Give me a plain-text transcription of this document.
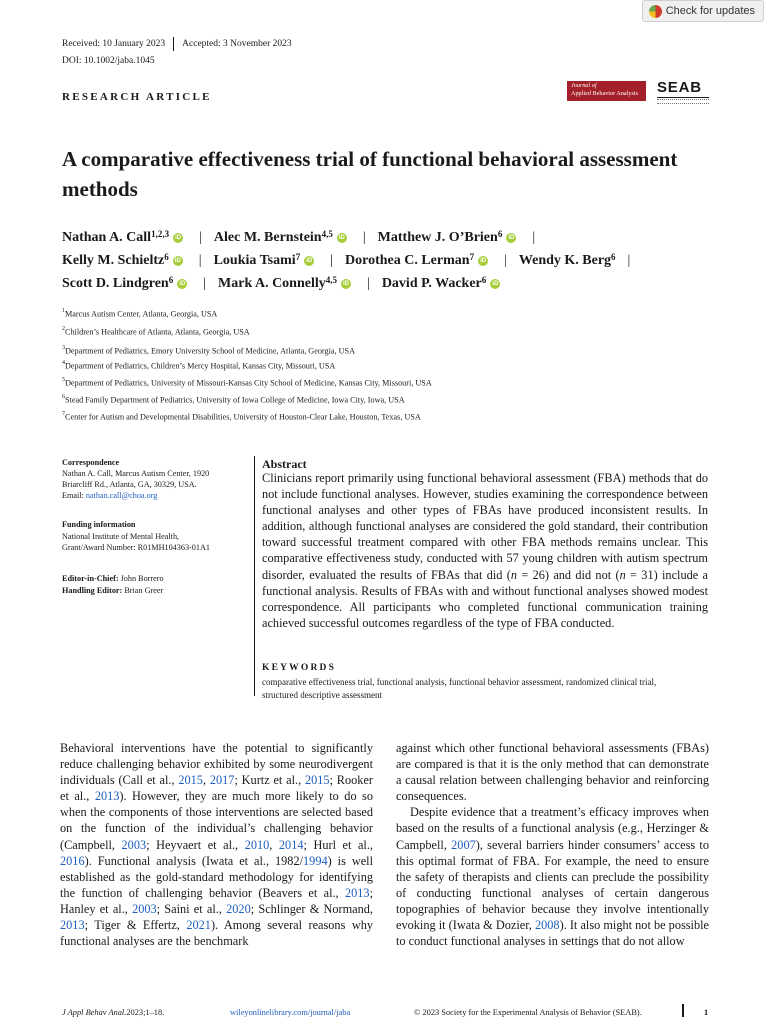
Check for updates
Received: 10 January 2023 Accepted: 3 November 2023
DOI: 10.1002/jaba.1045
RESEARCH ARTICLE
Journal of
Applied Behavior Analysis	SEAB
A comparative effectiveness trial of functional behavioral assessment methods
Nathan A. Call$^{1,2,3}$	iD | Alec M. Bernstein$^{4,5}$	iD | Matthew J. O’Brien$^6$	iD |
Kelly M. Schieltz$^6$	iD | Loukia Tsami$^7$	iD | Dorothea C. Lerman$^7$	iD | Wendy K. Berg$^6$ |
Scott D. Lindgren$^6$	iD | Mark A. Connelly$^{4,5}$	iD | David P. Wacker$^6$	iD
$^1$Marcus Autism Center, Atlanta, Georgia, USA
$^2$Children’s Healthcare of Atlanta, Atlanta, Georgia, USA
$^3$Department of Pediatrics, Emory University School of Medicine, Atlanta, Georgia, USA
$^4$Department of Pediatrics, Children’s Mercy Hospital, Kansas City, Missouri, USA
$^5$Department of Pediatrics, University of Missouri-Kansas City School of Medicine, Kansas City, Missouri, USA
$^6$Stead Family Department of Pediatrics, University of Iowa College of Medicine, Iowa City, Iowa, USA
$^7$Center for Autism and Developmental Disabilities, University of Houston-Clear Lake, Houston, Texas, USA
Correspondence
Nathan A. Call, Marcus Autism Center, 1920
Briarcliff Rd., Atlanta, GA, 30329, USA.
Email: nathan.call@choa.org
Funding information
National Institute of Mental Health,
Grant/Award Number: R01MH104363-01A1
Editor-in-Chief: John Borrero
Handling Editor: Brian Greer
Abstract

Clinicians report primarily using functional behavioral assessment (FBA) methods that do not include functional analyses. However, studies examining the correspondence between functional analyses and other types of FBAs have produced inconsistent results. In addition, although functional analyses are considered the gold standard, their contribution toward successful treatment compared with other FBA methods remains unclear. This comparative effectiveness study, conducted with 57 young children with autism spectrum disorder, evaluated the results of FBAs that did (n = 26) and did not (n = 31) include a functional analysis. Results of FBAs with and without functional analyses showed modest correspondence. All participants who completed functional communication training achieved successful outcomes regardless of the type of FBA conducted.

KEYWORDS
comparative effectiveness trial, functional analysis, functional behavior assessment, randomized clinical trial, structured descriptive assessment

Behavioral interventions have the potential to significantly reduce challenging behavior exhibited by some neurodivergent individuals (Call et al., 2015, 2017; Kurtz et al., 2015; Rooker et al., 2013). However, they are much more likely to do so when the components of those interventions are selected based on the function of the individual’s challenging behavior (Campbell, 2003; Heyvaert et al., 2010, 2014; Hurl et al., 2016). Functional analysis (Iwata et al., 1982/1994) is well established as the gold-standard methodology for identifying the function of challenging behavior (Beavers et al., 2013; Hanley et al., 2003; Saini et al., 2020; Schlinger & Normand, 2013; Tiger & Effertz, 2021). Among several reasons why functional analyses are the benchmark

against which other functional behavioral assessments (FBAs) are compared is that it is the only method that can demonstrate a causal relation between challenging behavior and reinforcing consequences.

Despite evidence that a treatment’s efficacy improves when based on the results of a functional analysis (e.g., Herzinger & Campbell, 2007), several barriers hinder consumers’ access to this optimal format of FBA. For example, the need to ensure the safety of therapists and clients can preclude the possibility of conducting functional analyses of certain dangerous topographies of behavior because they involve intentionally evoking it (Iwata & Dozier, 2008). It also might not be possible to conduct functional analyses in settings that do not allow

J Appl Behav Anal. 2023;1–18.	wileyonlinelibrary.com/journal/jaba	© 2023 Society for the Experimental Analysis of Behavior (SEAB).	1
